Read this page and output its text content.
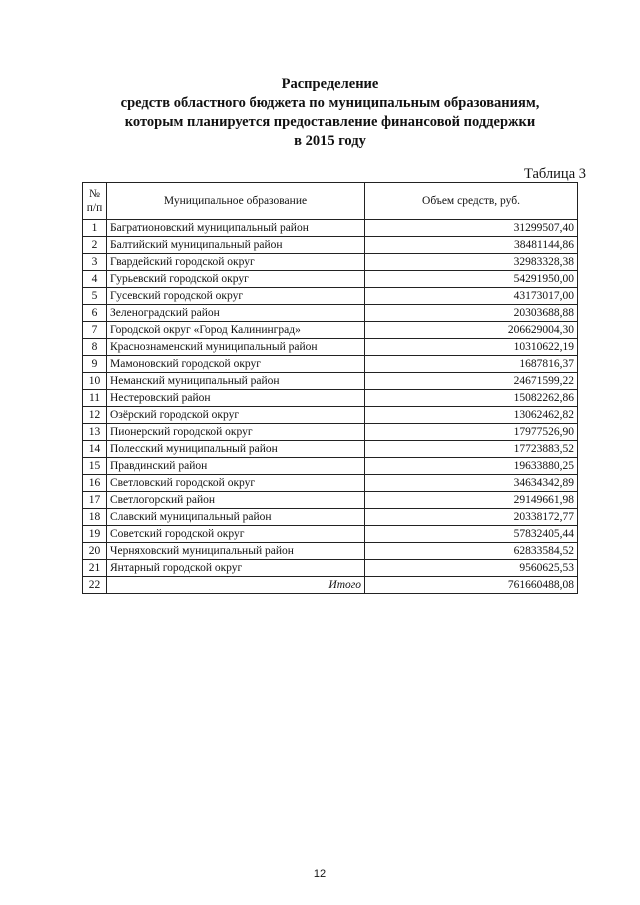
Распределение
средств областного бюджета по муниципальным образованиям,
которым планируется предоставление финансовой поддержки
в 2015 году
Таблица 3
№
п/п	Муниципальное образование	Объем средств, руб.
1	Багратионовский муниципальный район	31299507,40
2	Балтийский муниципальный район	38481144,86
3	Гвардейский городской округ	32983328,38
4	Гурьевский городской округ	54291950,00
5	Гусевский городской округ	43173017,00
6	Зеленоградский район	20303688,88
7	Городской округ «Город Калининград»	206629004,30
8	Краснознаменский муниципальный район	10310622,19
9	Мамоновский городской округ	1687816,37
10	Неманский муниципальный район	24671599,22
11	Нестеровский район	15082262,86
12	Озёрский городской округ	13062462,82
13	Пионерский городской округ	17977526,90
14	Полесский муниципальный район	17723883,52
15	Правдинский район	19633880,25
16	Светловский городской округ	34634342,89
17	Светлогорский район	29149661,98
18	Славский муниципальный район	20338172,77
19	Советский городской округ	57832405,44
20	Черняховский муниципальный район	62833584,52
21	Янтарный городской округ	9560625,53
22	Итого	761660488,08
12
